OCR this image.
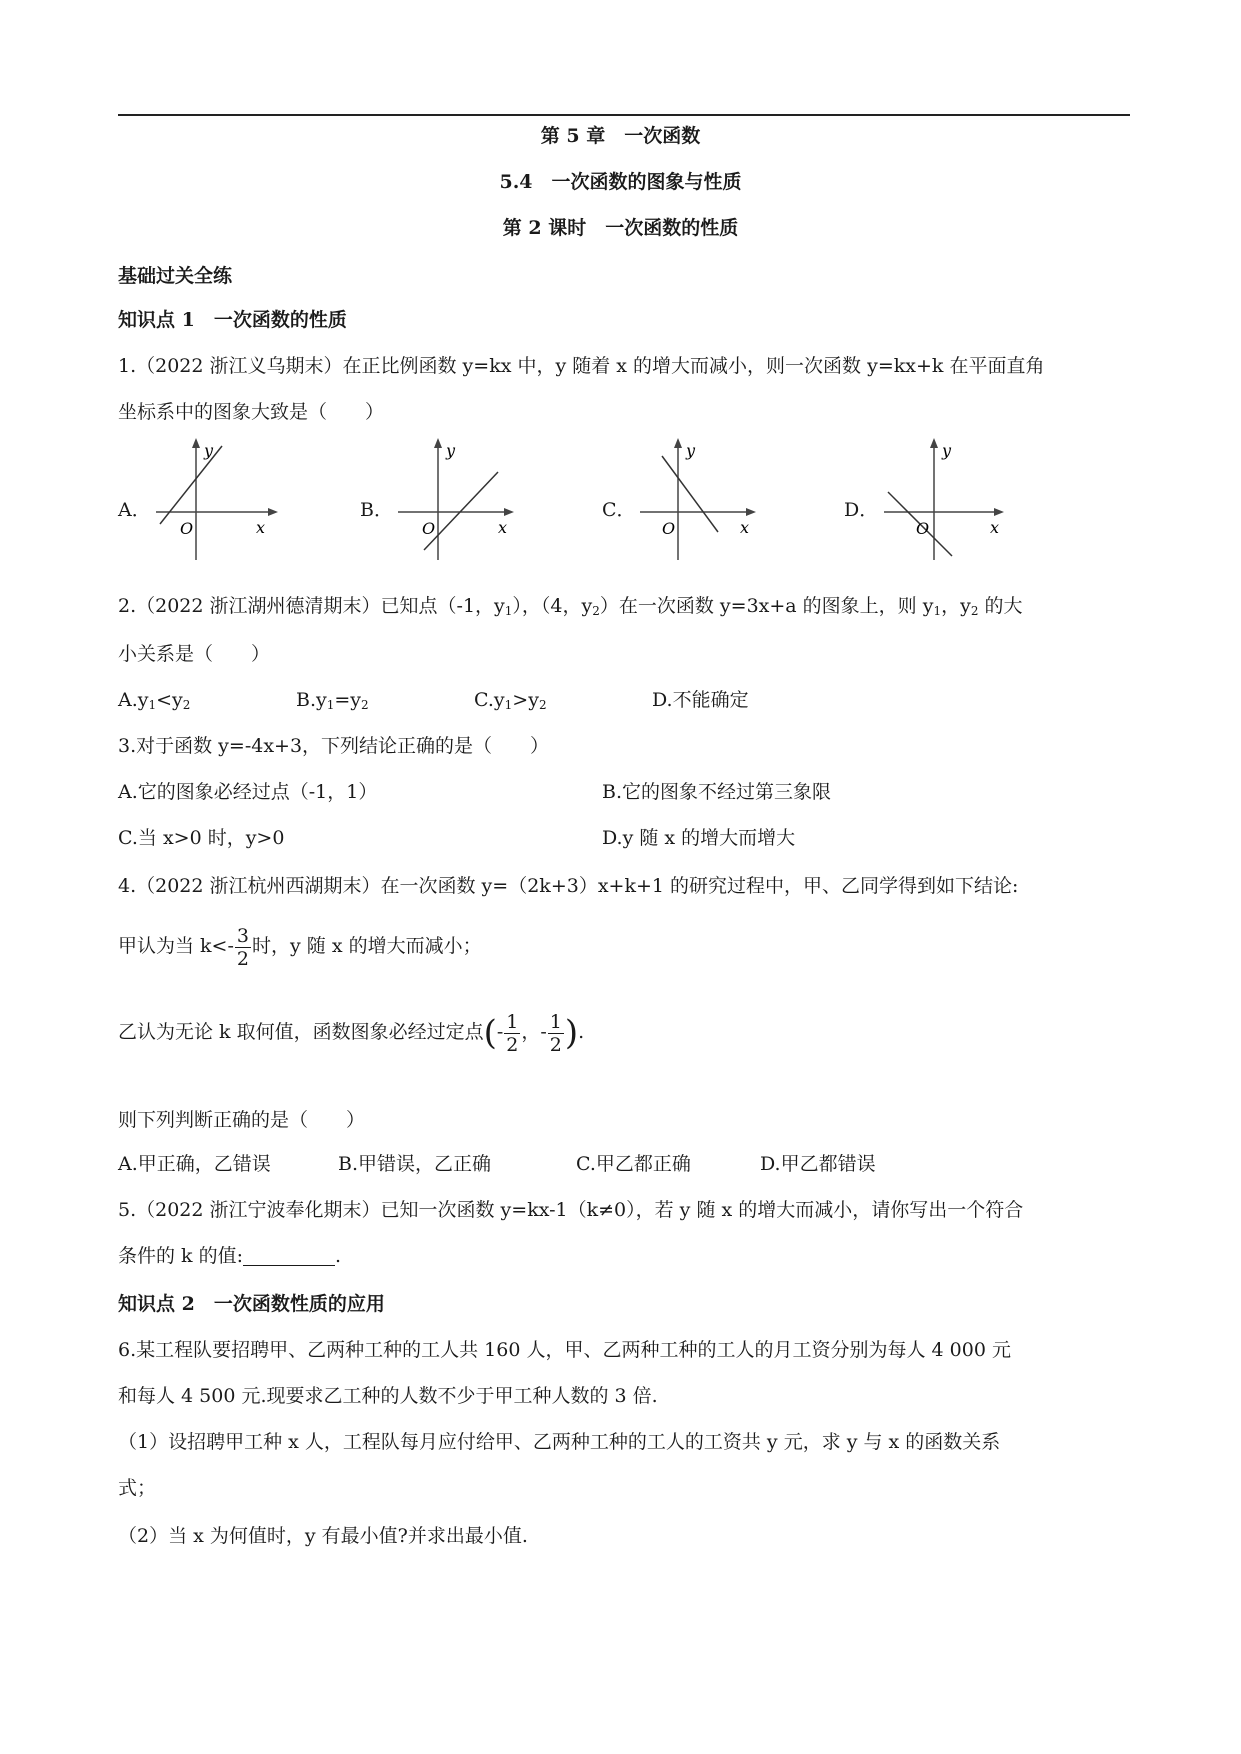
第 5 章　一次函数
5.4　一次函数的图象与性质
第 2 课时　一次函数的性质
基础过关全练
知识点 1　一次函数的性质
1.（2022 浙江义乌期末）在正比例函数 y=kx 中，y 随着 x 的增大而减小，则一次函数 y=kx+k 在平面直角
坐标系中的图象大致是（　　）
A．
y
x
O
B．
y
x
O
C．
y
x
O
D．
y
x
O
2.（2022 浙江湖州德清期末）已知点（-1，$y_1$），（4，$y_2$）在一次函数 y=3x+a 的图象上，则 $y_1$，$y_2$ 的大
小关系是（　　）
$A.y_1<y_2$	$B.y_1=y_2$	$C.y_1>y_2$	D.不能确定
3.对于函数 y=-4x+3，下列结论正确的是（　　）
A.它的图象必经过点（-1，1）	B.它的图象不经过第三象限
C.当 x>0 时，y>0	D.y 随 x 的增大而增大
4.（2022 浙江杭州西湖期末）在一次函数 y=（2k+3）x+k+1 的研究过程中，甲、乙同学得到如下结论:
甲认为当 $k<- \frac{3}{2}$ 时，y 随 x 的增大而减小；
乙认为无论 k 取何值，函数图象必经过定点(- $\frac{1}{2}$ ，- $\frac{1}{2}$ ).
则下列判断正确的是（　　）
A.甲正确，乙错误	B.甲错误，乙正确	C.甲乙都正确	D.甲乙都错误
5.（2022 浙江宁波奉化期末）已知一次函数 y=kx-1（k≠0），若 y 随 x 的增大而减小，请你写出一个符合
条件的 k 的值:	.
知识点 2　一次函数性质的应用
6.某工程队要招聘甲、乙两种工种的工人共 160 人，甲、乙两种工种的工人的月工资分别为每人 4 000 元
和每人 4 500 元.现要求乙工种的人数不少于甲工种人数的 3 倍.
（1）设招聘甲工种 x 人，工程队每月应付给甲、乙两种工种的工人的工资共 y 元，求 y 与 x 的函数关系
式；
（2）当 x 为何值时，y 有最小值?并求出最小值.
